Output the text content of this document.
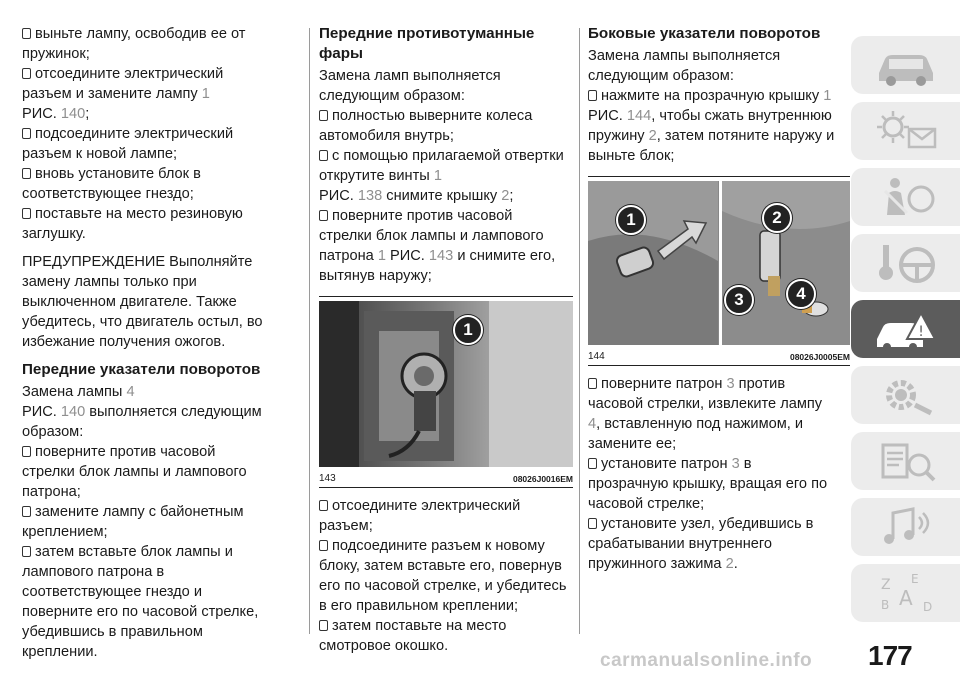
выньте лампу, освободив ее от

пружинок;

отсоедините электрический

разъем и замените лампу 1

РИС. 140;

подсоедините электрический

разъем к новой лампе;

вновь установите блок в

соответствующее гнездо;

поставьте на место резиновую

заглушку.

ПРЕДУПРЕЖДЕНИЕ Выполняйте

замену лампы только при

выключенном двигателе. Также

убедитесь, что двигатель остыл, во

избежание получения ожогов.

Передние указатели поворотов

Замена лампы 4

РИС. 140 выполняется следующим

образом:

поверните против часовой

стрелки блок лампы и лампового

патрона;

замените лампу с байонетным

креплением;

затем вставьте блок лампы и

лампового патрона в

соответствующее гнездо и

поверните его по часовой стрелке,

убедившись в правильном

креплении.

Передние противотуманные
фары

Замена ламп выполняется

следующим образом:

полностью выверните колеса

автомобиля внутрь;

с помощью прилагаемой отвертки

открутите винты 1

РИС. 138 снимите крышку 2;

поверните против часовой

стрелки блок лампы и лампового

патрона 1 РИС. 143 и снимите его,

вытянув наружу;

1
143	08026J0016EM

отсоедините электрический

разъем;

подсоедините разъем к новому

блоку, затем вставьте его, повернув

его по часовой стрелке, и убедитесь

в его правильном креплении;

затем поставьте на место

смотровое окошко.

Боковые указатели поворотов

Замена лампы выполняется

следующим образом:

нажмите на прозрачную крышку 1

РИС. 144, чтобы сжать внутреннюю

пружину 2, затем потяните наружу и

выньте блок;

1	2
3	4
144	08026J0005EM

поверните патрон 3 против

часовой стрелки, извлеките лампу

4, вставленную под нажимом, и

замените ее;

установите патрон 3 в

прозрачную крышку, вращая его по

часовой стрелке;

установите узел, убедившись в

срабатывании внутреннего

пружинного зажима 2.

!
Z E
B A D
177
carmanualsonline.info
